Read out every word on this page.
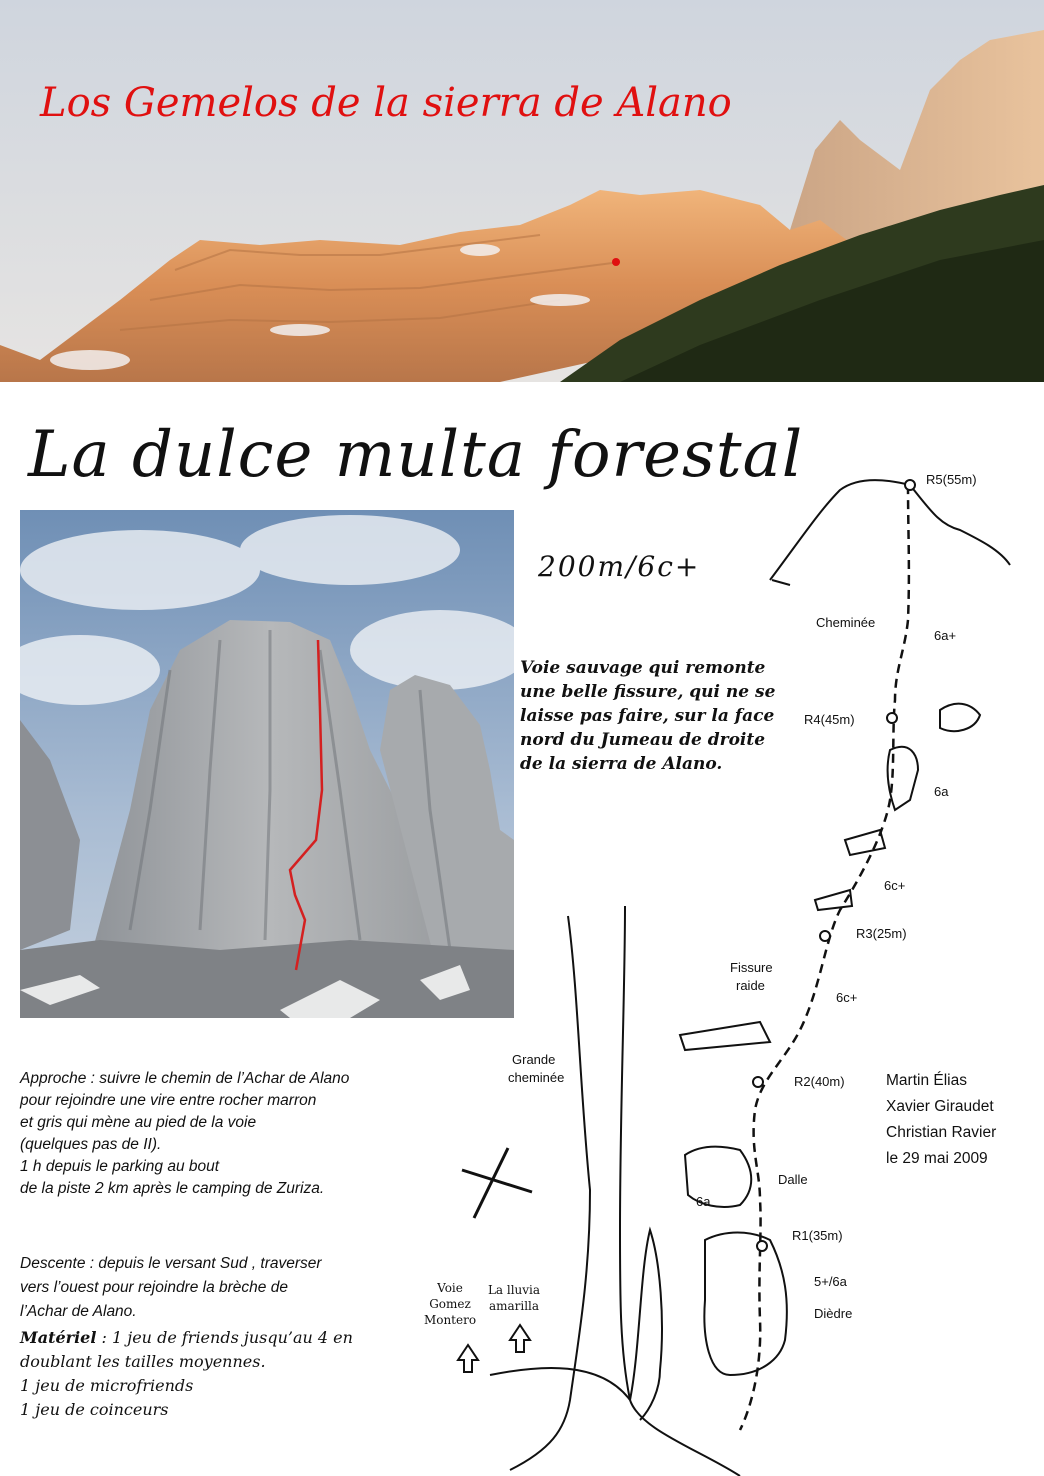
Los Gemelos de la sierra de Alano
La dulce multa forestal
200m/6c+
Voie sauvage qui remonte
une belle fissure, qui ne se
laisse pas faire, sur la face
nord du Jumeau de droite
de la sierra de Alano.
R5(55m)
Cheminée
6a+
R4(45m)
6a
6c+
R3(25m)
Fissure
raide
6c+
Grande
cheminée	R2(40m)
Dalle
6a
R1(35m)
5+/6a
Dièdre
Voie
Gomez
Montero
La lluvia
amarilla
Approche : suivre le chemin de l’Achar de Alano
pour rejoindre une vire entre rocher marron
et gris qui mène au pied de la voie
(quelques pas de II).
1 h depuis le parking au bout
de la piste 2 km après le camping de Zuriza.
Descente : depuis le versant Sud , traverser
vers l’ouest pour rejoindre la brèche de
l’Achar de Alano.
Matériel : 1 jeu de friends jusqu’au 4 en
doublant les tailles moyennes.
1 jeu de microfriends
1 jeu de coinceurs
Martin Élias
Xavier Giraudet
Christian Ravier
le 29 mai 2009
